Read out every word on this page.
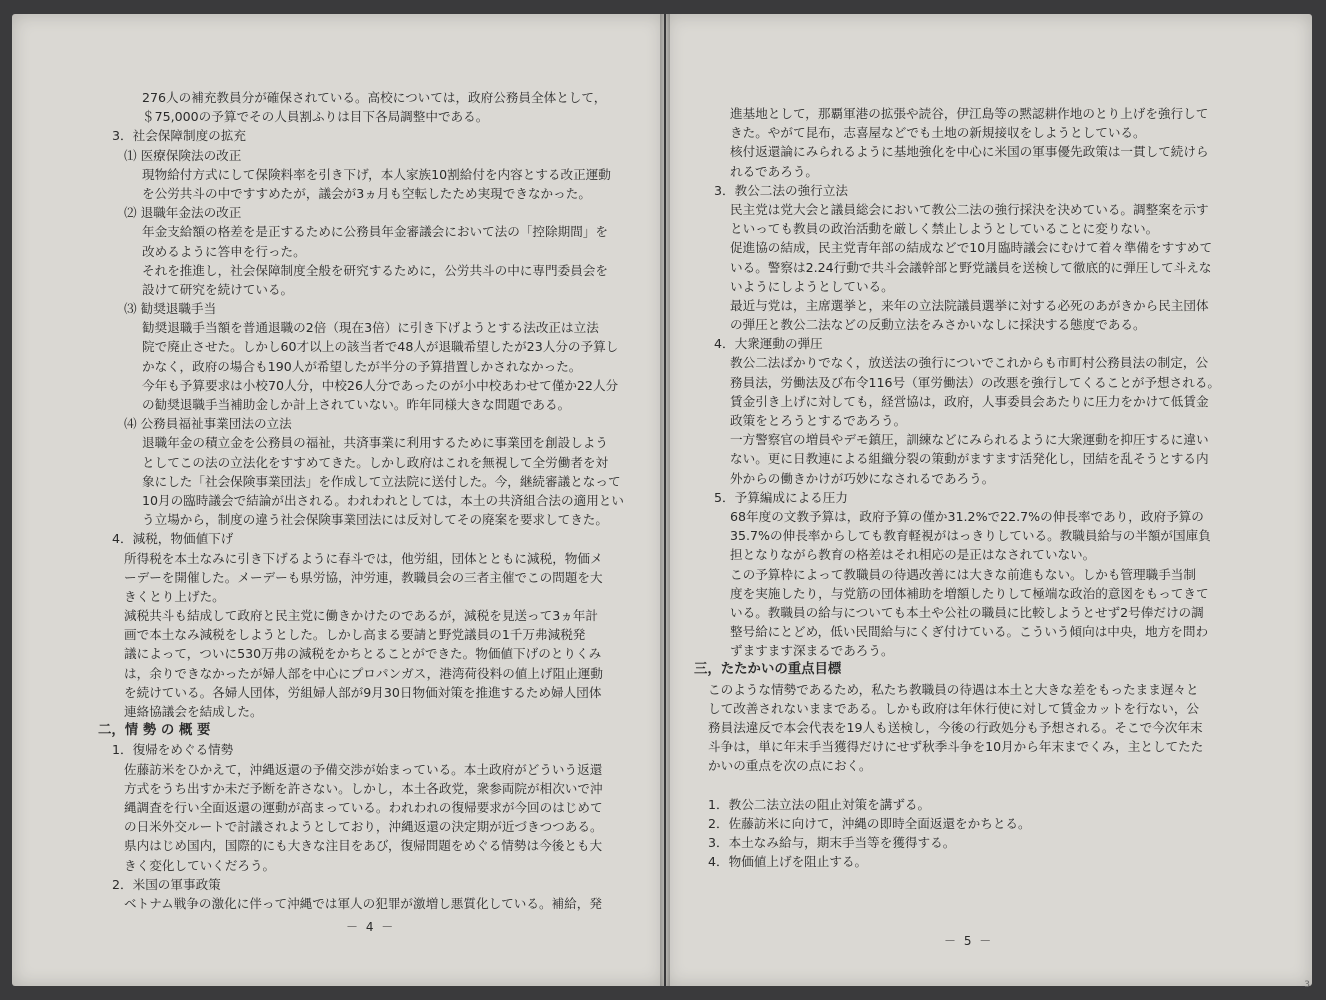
276人の補充教員分が確保されている。高校については，政府公務員全体として，
＄75,000の予算でその人員割ふりは目下各局調整中である。
3．社会保障制度の拡充
⑴ 医療保険法の改正
現物給付方式にして保険料率を引き下げ，本人家族10割給付を内容とする改正運動
を公労共斗の中ですすめたが，議会が3ヵ月も空転したため実現できなかった。
⑵ 退職年金法の改正
年金支給額の格差を是正するために公務員年金審議会において法の「控除期間」を
改めるように答申を行った。
それを推進し，社会保障制度全般を研究するために，公労共斗の中に専門委員会を
設けて研究を続けている。
⑶ 勧奨退職手当
勧奨退職手当額を普通退職の2倍（現在3倍）に引き下げようとする法改正は立法
院で廃止させた。しかし60才以上の該当者で48人が退職希望したが23人分の予算し
かなく，政府の場合も190人が希望したが半分の予算措置しかされなかった。
今年も予算要求は小校70人分，中校26人分であったのが小中校あわせて僅か22人分
の勧奨退職手当補助金しか計上されていない。昨年同様大きな問題である。
⑷ 公務員福祉事業団法の立法
退職年金の積立金を公務員の福祉，共済事業に利用するために事業団を創設しよう
としてこの法の立法化をすすめてきた。しかし政府はこれを無視して全労働者を対
象にした「社会保険事業団法」を作成して立法院に送付した。今，継続審議となって
10月の臨時議会で結論が出される。われわれとしては，本土の共済組合法の適用とい
う立場から，制度の違う社会保険事業団法には反対してその廃案を要求してきた。
4．減税，物価値下げ
所得税を本土なみに引き下げるように春斗では，他労組，団体とともに減税，物価メ
ーデーを開催した。メーデーも県労協，沖労連，教職員会の三者主催でこの問題を大
きくとり上げた。
減税共斗も結成して政府と民主党に働きかけたのであるが，減税を見送って3ヵ年計
画で本土なみ減税をしようとした。しかし高まる要請と野党議員の1千万弗減税発
議によって，ついに530万弗の減税をかちとることができた。物価値下げのとりくみ
は，余りできなかったが婦人部を中心にプロパンガス，港湾荷役料の値上げ阻止運動
を続けている。各婦人団体，労組婦人部が9月30日物価対策を推進するため婦人団体
連絡協議会を結成した。
二，情 勢 の 概 要
1．復帰をめぐる情勢
佐藤訪米をひかえて，沖縄返還の予備交渉が始まっている。本土政府がどういう返還
方式をうち出すか未だ予断を許さない。しかし，本土各政党，衆参両院が相次いで沖
縄調査を行い全面返還の運動が高まっている。われわれの復帰要求が今回のはじめて
の日米外交ルートで討議されようとしており，沖縄返還の決定期が近づきつつある。
県内はじめ国内，国際的にも大きな注目をあび，復帰問題をめぐる情勢は今後とも大
きく変化していくだろう。
2．米国の軍事政策
ベトナム戦争の激化に伴って沖縄では軍人の犯罪が激増し悪質化している。補給，発
進基地として，那覇軍港の拡張や読谷，伊江島等の黙認耕作地のとり上げを強行して
きた。やがて昆布，志喜屋などでも土地の新規接収をしようとしている。
核付返還論にみられるように基地強化を中心に米国の軍事優先政策は一貫して続けら
れるであろう。
3．教公二法の強行立法
民主党は党大会と議員総会において教公二法の強行採決を決めている。調整案を示す
といっても教員の政治活動を厳しく禁止しようとしていることに変りない。
促進協の結成，民主党青年部の結成などで10月臨時議会にむけて着々準備をすすめて
いる。警察は2.24行動で共斗会議幹部と野党議員を送検して徹底的に弾圧して斗えな
いようにしようとしている。
最近与党は，主席選挙と，来年の立法院議員選挙に対する必死のあがきから民主団体
の弾圧と教公二法などの反動立法をみさかいなしに採決する態度である。
4．大衆運動の弾圧
教公二法ばかりでなく，放送法の強行についでこれからも市町村公務員法の制定，公
務員法，労働法及び布令116号（軍労働法）の改悪を強行してくることが予想される。
賃金引き上げに対しても，経営協は，政府，人事委員会あたりに圧力をかけて低賃金
政策をとろうとするであろう。
一方警察官の増員やデモ鎮圧，訓練などにみられるように大衆運動を抑圧するに違い
ない。更に日教連による組織分裂の策動がますます活発化し，団結を乱そうとする内
外からの働きかけが巧妙になされるであろう。
5．予算編成による圧力
68年度の文教予算は，政府予算の僅か31.2%で22.7%の伸長率であり，政府予算の
35.7%の伸長率からしても教育軽視がはっきりしている。教職員給与の半額が国庫負
担となりながら教育の格差はそれ相応の是正はなされていない。
この予算枠によって教職員の待遇改善には大きな前進もない。しかも管理職手当制
度を実施したり，与党筋の団体補助を増額したりして極端な政治的意図をもってきて
いる。教職員の給与についても本土や公社の職員に比較しようとせず2号俸だけの調
整号給にとどめ，低い民間給与にくぎ付けている。こういう傾向は中央，地方を問わ
ずますます深まるであろう。
三，たたかいの重点目標
このような情勢であるため，私たち教職員の待遇は本土と大きな差をもったまま遅々と
して改善されないままである。しかも政府は年休行使に対して賃金カットを行ない，公
務員法違反で本会代表を19人も送検し，今後の行政処分も予想される。そこで今次年末
斗争は，単に年末手当獲得だけにせず秋季斗争を10月から年末までくみ，主としてたた
かいの重点を次の点におく。
1．教公二法立法の阻止対策を講ずる。
2．佐藤訪米に向けて，沖縄の即時全面返還をかちとる。
3．本土なみ給与，期末手当等を獲得する。
4．物価値上げを阻止する。
－ 4 －
－ 5 －
3
